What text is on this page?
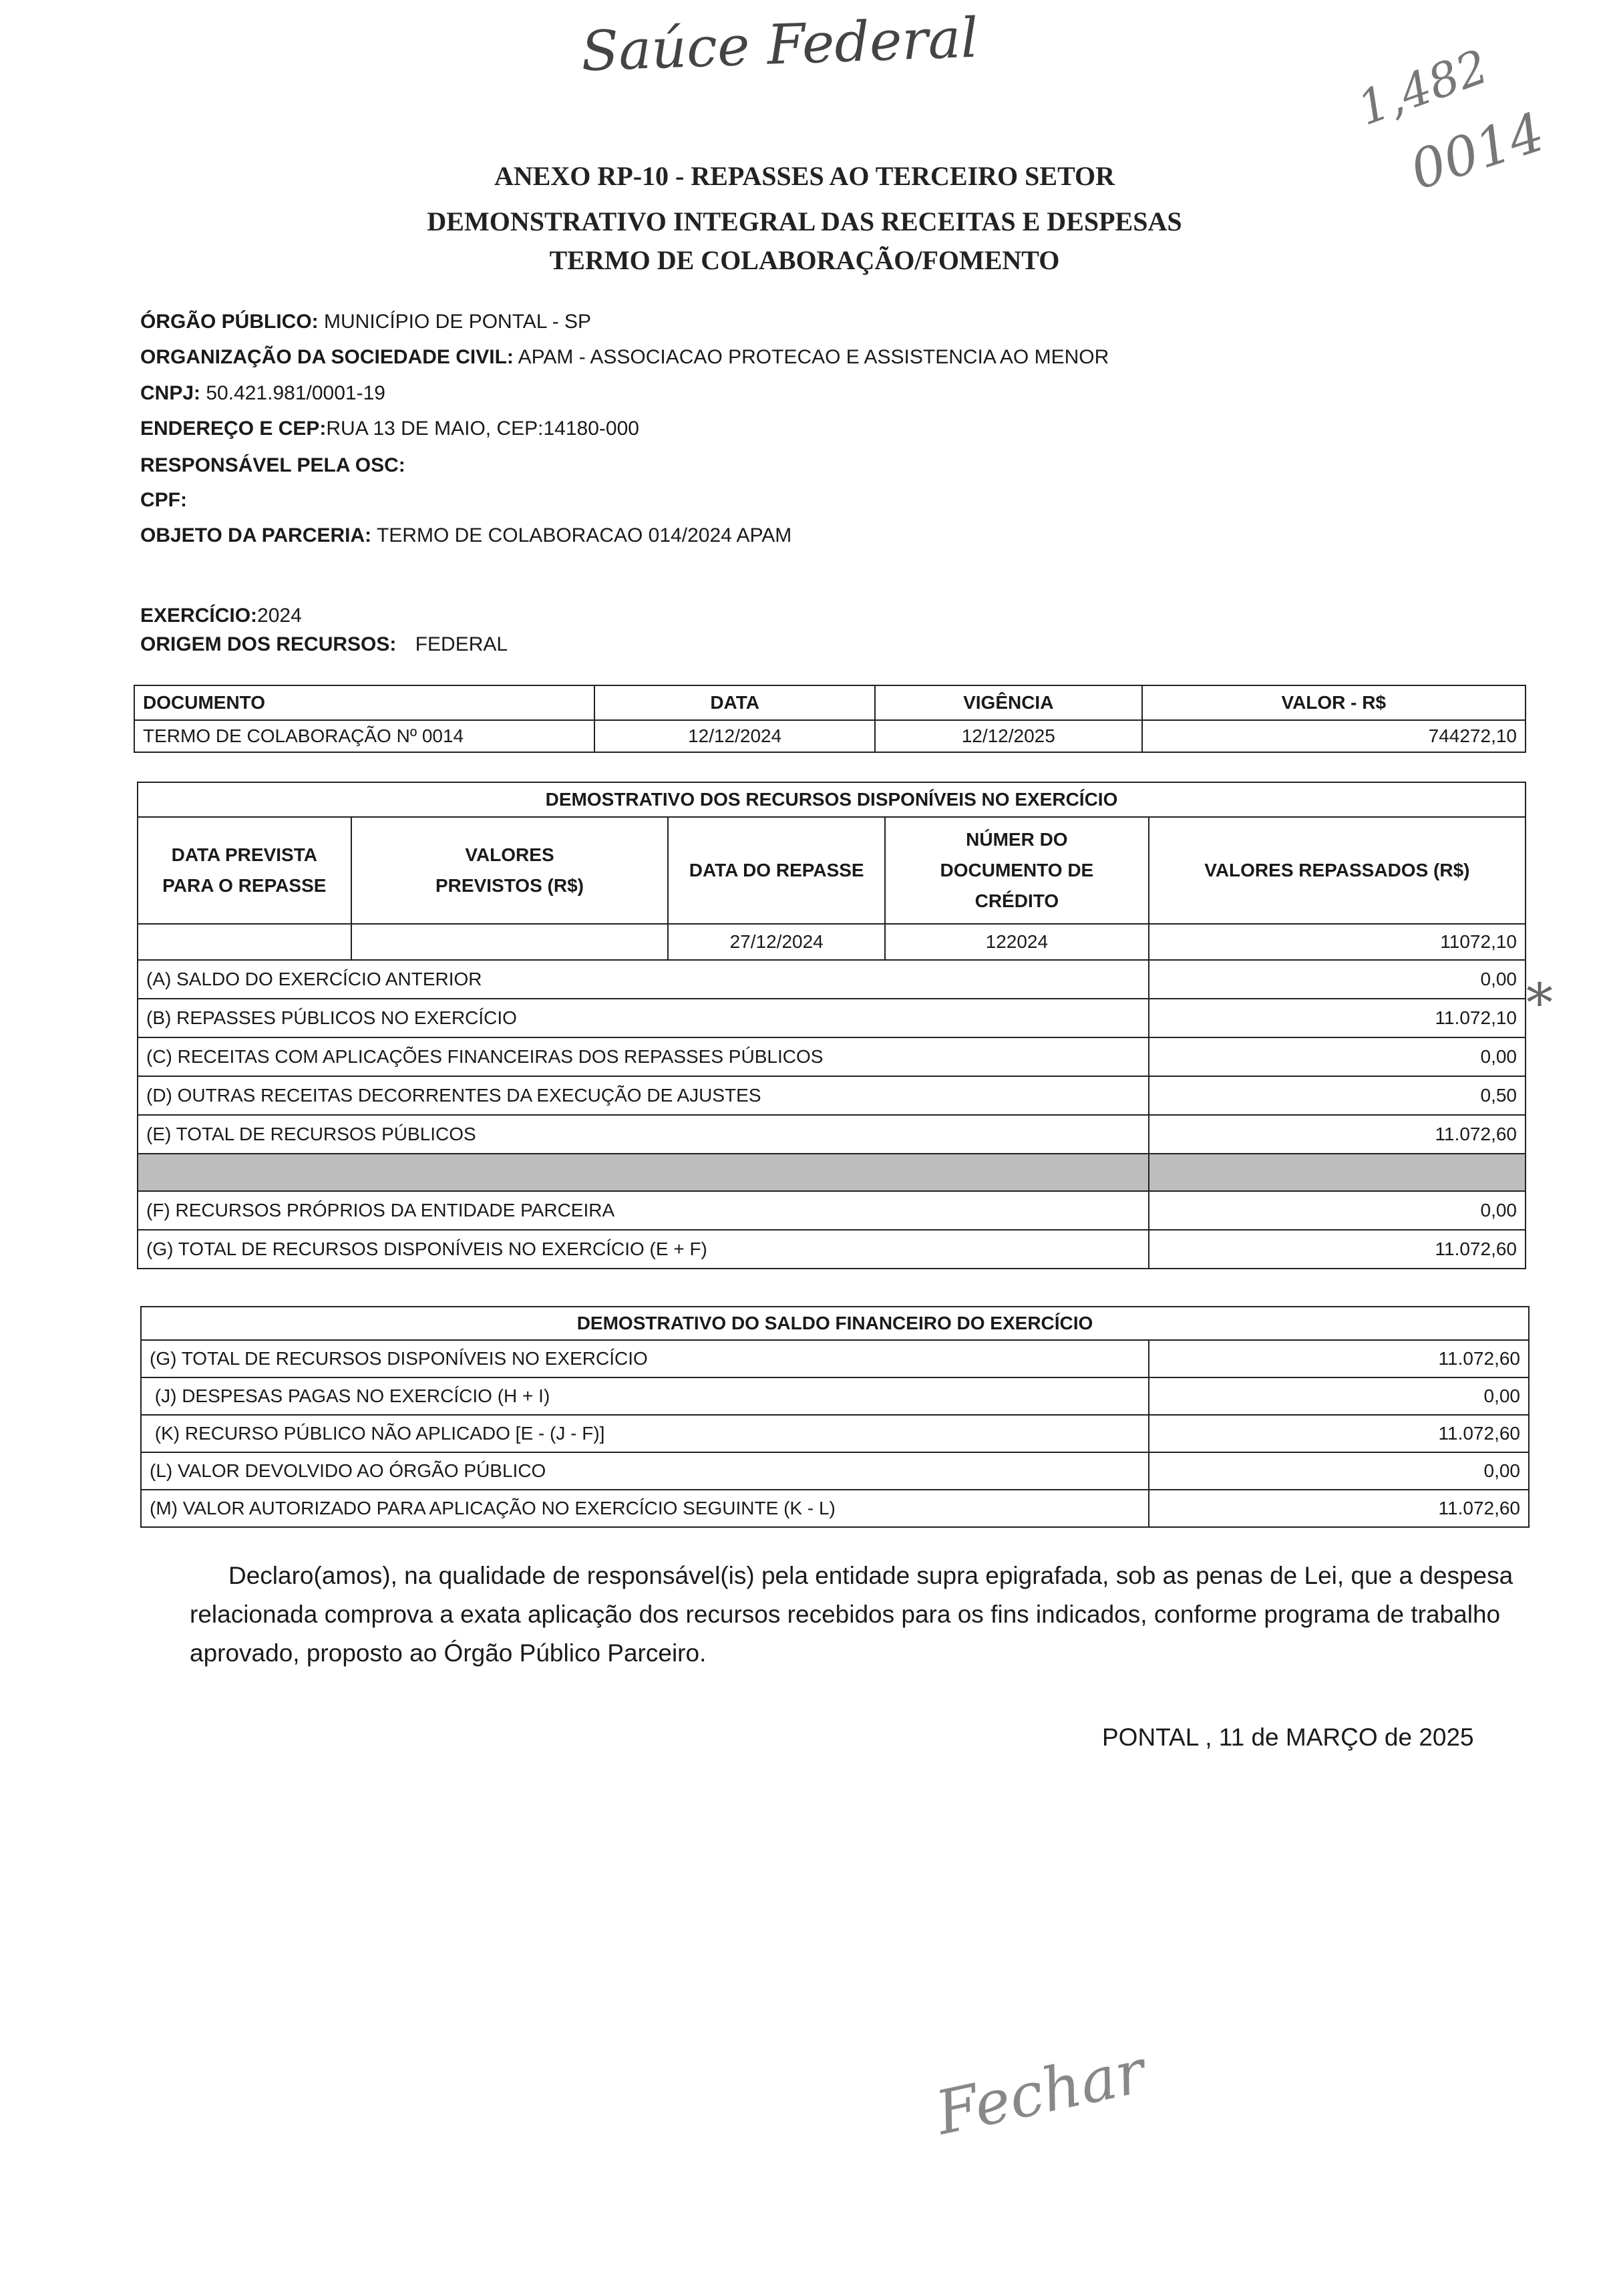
Saúce Federal	1,482
0014
ANEXO RP-10 - REPASSES AO TERCEIRO SETOR
DEMONSTRATIVO INTEGRAL DAS RECEITAS E DESPESAS
TERMO DE COLABORAÇÃO/FOMENTO
ÓRGÃO PÚBLICO: MUNICÍPIO DE PONTAL - SP
ORGANIZAÇÃO DA SOCIEDADE CIVIL: APAM - ASSOCIACAO PROTECAO E ASSISTENCIA AO MENOR
CNPJ: 50.421.981/0001-19
ENDEREÇO E CEP:RUA 13 DE MAIO, CEP:14180-000
RESPONSÁVEL PELA OSC:
CPF:
OBJETO DA PARCERIA: TERMO DE COLABORACAO 014/2024 APAM
EXERCÍCIO:2024
ORIGEM DOS RECURSOS: FEDERAL
DOCUMENTO	DATA	VIGÊNCIA	VALOR - R$
TERMO DE COLABORAÇÃO Nº 0014	12/12/2024	12/12/2025	744272,10
DEMOSTRATIVO DOS RECURSOS DISPONÍVEIS NO EXERCÍCIO				
DATA PREVISTA PARA O REPASSE	VALORES PREVISTOS (R$)	DATA DO REPASSE	NÚMER DO DOCUMENTO DE CRÉDITO	VALORES REPASSADOS (R$)
		27/12/2024	122024	11072,10
(A) SALDO DO EXERCÍCIO ANTERIOR				0,00
(B) REPASSES PÚBLICOS NO EXERCÍCIO				11.072,10
(C) RECEITAS COM APLICAÇÕES FINANCEIRAS DOS REPASSES PÚBLICOS				0,00
(D) OUTRAS RECEITAS DECORRENTES DA EXECUÇÃO DE AJUSTES				0,50
(E) TOTAL DE RECURSOS PÚBLICOS				11.072,60

(F) RECURSOS PRÓPRIOS DA ENTIDADE PARCEIRA				0,00
(G) TOTAL DE RECURSOS DISPONÍVEIS NO EXERCÍCIO (E + F)				11.072,60
*
DEMOSTRATIVO DO SALDO FINANCEIRO DO EXERCÍCIO	
(G) TOTAL DE RECURSOS DISPONÍVEIS NO EXERCÍCIO	11.072,60
(J) DESPESAS PAGAS NO EXERCÍCIO (H + I)	0,00
(K) RECURSO PÚBLICO NÃO APLICADO [E - (J - F)]	11.072,60
(L) VALOR DEVOLVIDO AO ÓRGÃO PÚBLICO	0,00
(M) VALOR AUTORIZADO PARA APLICAÇÃO NO EXERCÍCIO SEGUINTE (K - L)	11.072,60
Declaro(amos), na qualidade de responsável(is) pela entidade supra epigrafada, sob as penas de Lei, que a despesa relacionada comprova a exata aplicação dos recursos recebidos para os fins indicados, conforme programa de trabalho aprovado, proposto ao Órgão Público Parceiro.
PONTAL , 11 de MARÇO de 2025
Fechar
